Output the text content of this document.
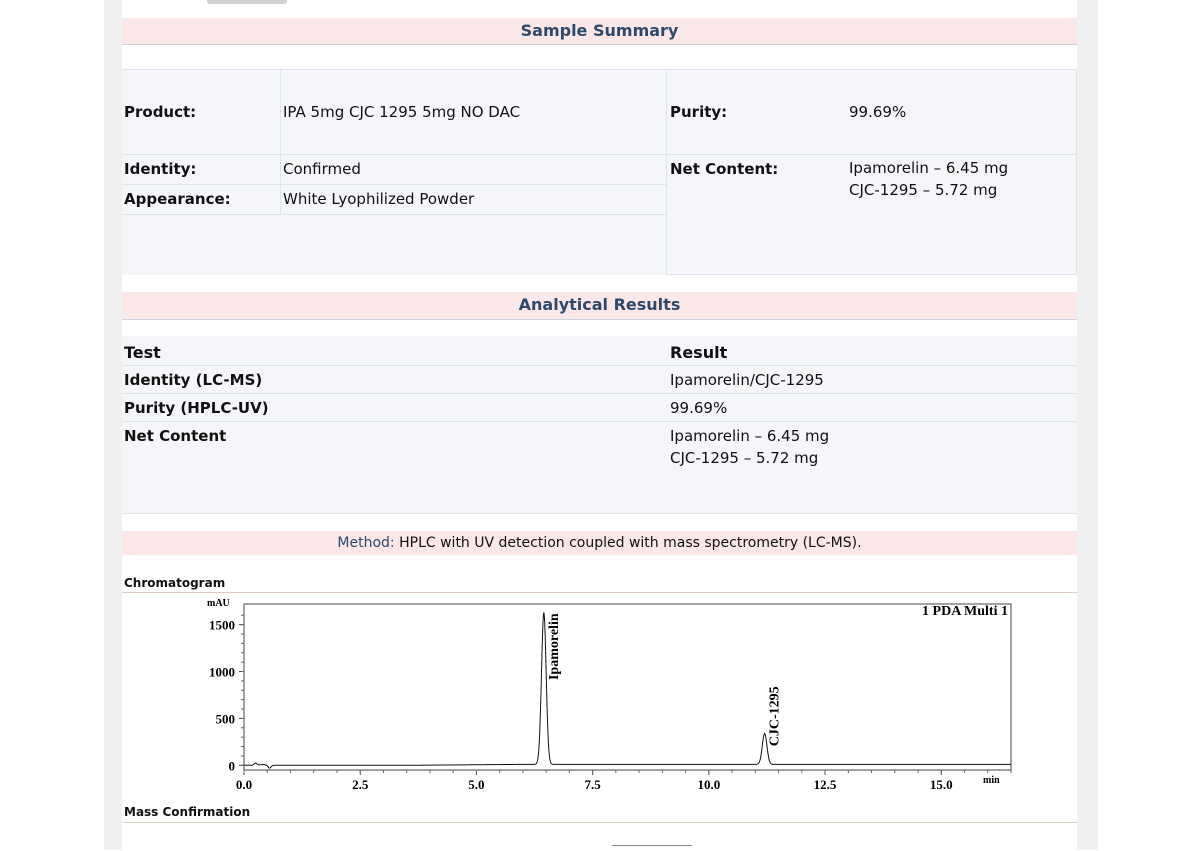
Sample Summary
Product:	IPA 5mg CJC 1295 5mg NO DAC	Purity:	99.69%
Identity:	Confirmed	Net Content:	Ipamorelin – 6.45 mg
CJC-1295 – 5.72 mg
Appearance:	White Lyophilized Powder
Analytical Results
Test	Result
Identity (LC-MS)	Ipamorelin/CJC-1295
Purity (HPLC-UV)	99.69%
Net Content	Ipamorelin – 6.45 mg
CJC-1295 – 5.72 mg
Method: HPLC with UV detection coupled with mass spectrometry (LC-MS).
Chromatogram
mAU
min
1 PDA Multi 1
0
500
1000
1500
0.0	2.5	5.0	7.5	10.0	12.5	15.0
Ipamorelin
CJC-1295
Mass Confirmation
